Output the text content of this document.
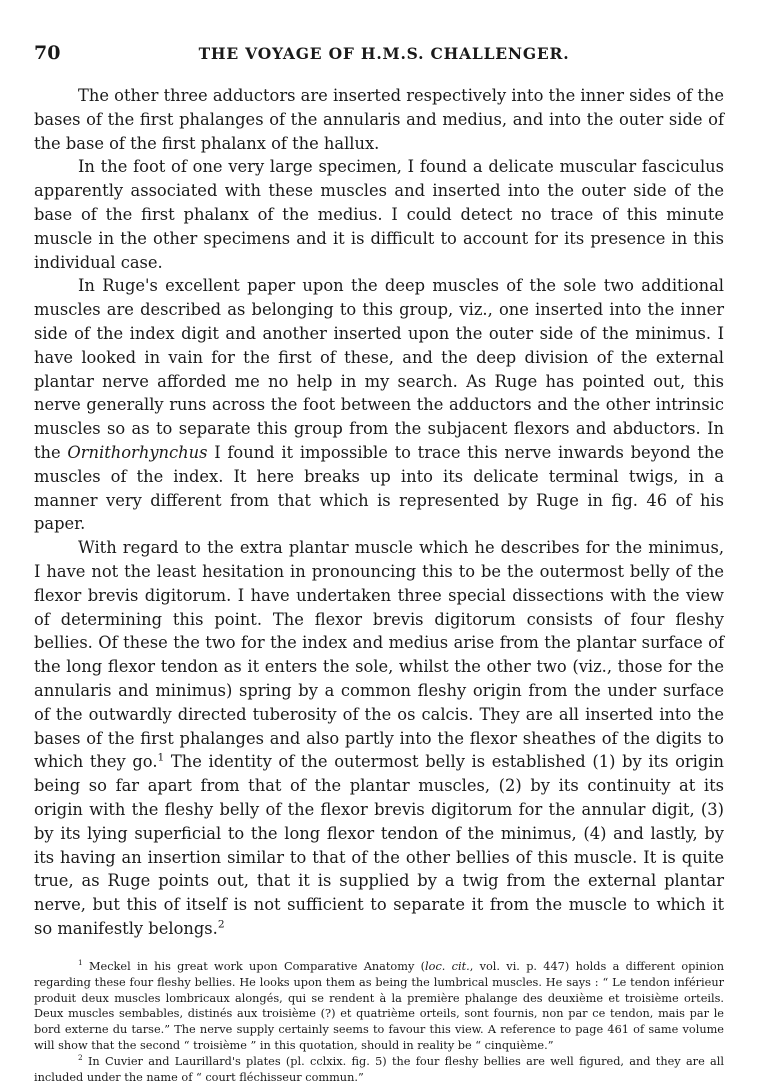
70	THE VOYAGE OF H.M.S. CHALLENGER.

The other three adductors are inserted respectively into the inner sides of the bases of the first phalanges of the annularis and medius, and into the outer side of the base of the first phalanx of the hallux.

In the foot of one very large specimen, I found a delicate muscular fasciculus apparently associated with these muscles and inserted into the outer side of the base of the first phalanx of the medius. I could detect no trace of this minute muscle in the other specimens and it is difficult to account for its presence in this individual case.

In Ruge's excellent paper upon the deep muscles of the sole two additional muscles are described as belonging to this group, viz., one inserted into the inner side of the index digit and another inserted upon the outer side of the minimus. I have looked in vain for the first of these, and the deep division of the external plantar nerve afforded me no help in my search. As Ruge has pointed out, this nerve generally runs across the foot between the adductors and the other intrinsic muscles so as to separate this group from the subjacent flexors and abductors. In the Ornithorhynchus I found it impossible to trace this nerve inwards beyond the muscles of the index. It here breaks up into its delicate terminal twigs, in a manner very different from that which is represented by Ruge in fig. 46 of his paper.

With regard to the extra plantar muscle which he describes for the minimus, I have not the least hesitation in pronouncing this to be the outermost belly of the flexor brevis digitorum. I have undertaken three special dissections with the view of determining this point. The flexor brevis digitorum consists of four fleshy bellies. Of these the two for the index and medius arise from the plantar surface of the long flexor tendon as it enters the sole, whilst the other two (viz., those for the annularis and minimus) spring by a common fleshy origin from the under surface of the outwardly directed tuberosity of the os calcis. They are all inserted into the bases of the first phalanges and also partly into the flexor sheathes of the digits to which they go.$^1$ The identity of the outermost belly is established (1) by its origin being so far apart from that of the plantar muscles, (2) by its continuity at its origin with the fleshy belly of the flexor brevis digitorum for the annular digit, (3) by its lying superficial to the long flexor tendon of the minimus, (4) and lastly, by its having an insertion similar to that of the other bellies of this muscle. It is quite true, as Ruge points out, that it is supplied by a twig from the external plantar nerve, but this of itself is not sufficient to separate it from the muscle to which it so manifestly belongs.$^2$

$^1$ Meckel in his great work upon Comparative Anatomy (loc. cit., vol. vi. p. 447) holds a different opinion regarding these four fleshy bellies. He looks upon them as being the lumbrical muscles. He says : “ Le tendon inférieur produit deux muscles lombricaux alongés, qui se rendent à la première phalange des deuxième et troisième orteils. Deux muscles sembables, distinés aux troisième (?) et quatrième orteils, sont fournis, non par ce tendon, mais par le bord externe du tarse.” The nerve supply certainly seems to favour this view. A reference to page 461 of same volume will show that the second “ troisième ” in this quotation, should in reality be “ cinquième.”

$^2$ In Cuvier and Laurillard's plates (pl. cclxix. fig. 5) the four fleshy bellies are well figured, and they are all included under the name of “ court fléchisseur commun.”
